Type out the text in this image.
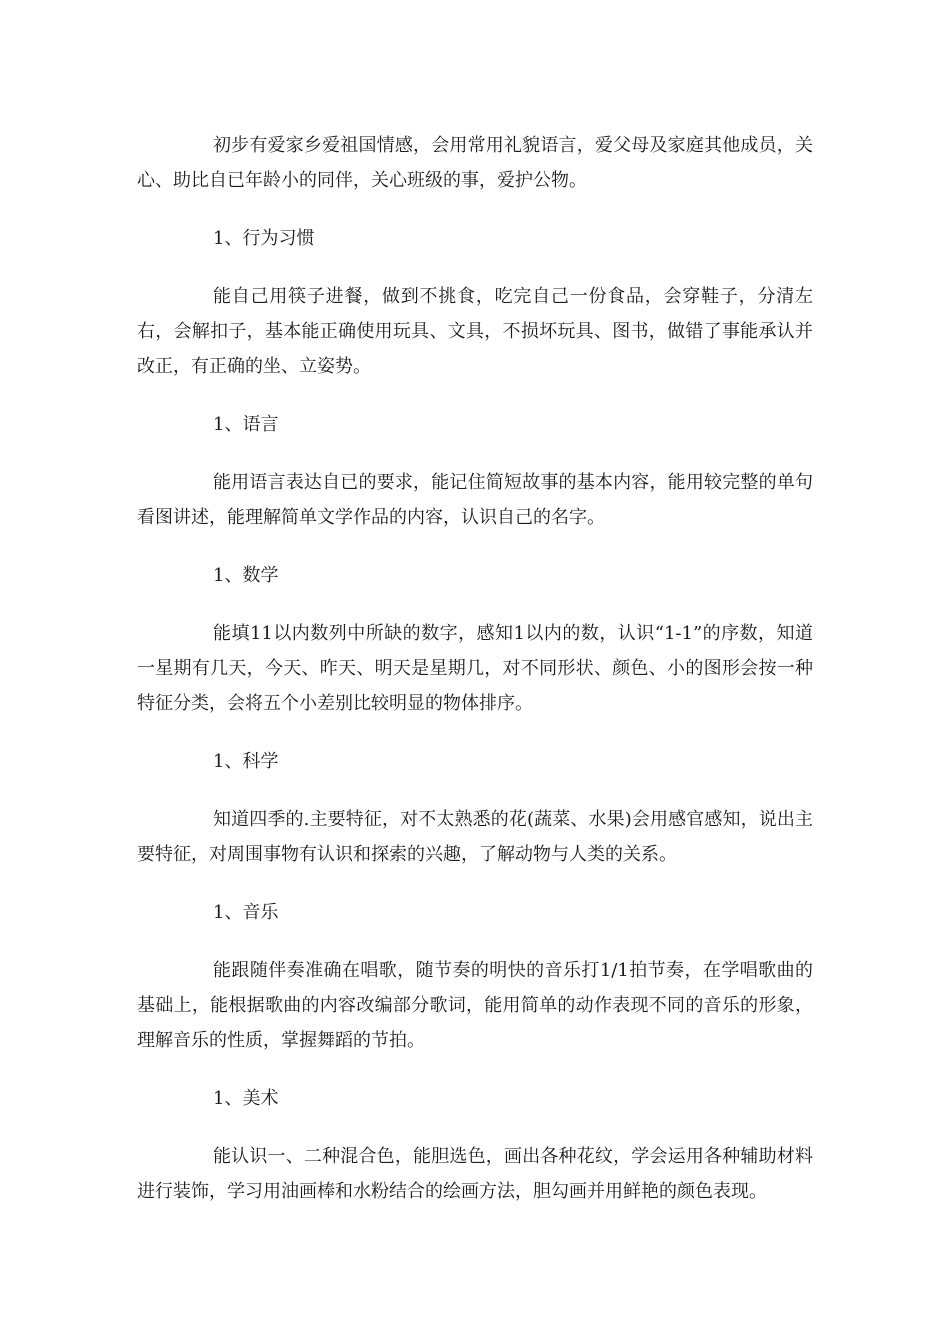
初步有爱家乡爱祖国情感，会用常用礼貌语言，爱父母及家庭其他成员，关心、助比自已年龄小的同伴，关心班级的事，爱护公物。

1、行为习惯

能自己用筷子进餐，做到不挑食，吃完自己一份食品，会穿鞋子，分清左右，会解扣子，基本能正确使用玩具、文具，不损坏玩具、图书，做错了事能承认并改正，有正确的坐、立姿势。

1、语言

能用语言表达自已的要求，能记住简短故事的基本内容，能用较完整的单句看图讲述，能理解简单文学作品的内容，认识自己的名字。

1、数学

能填11以内数列中所缺的数字，感知1以内的数，认识“1-1”的序数，知道一星期有几天，今天、昨天、明天是星期几，对不同形状、颜色、小的图形会按一种特征分类，会将五个小差别比较明显的物体排序。

1、科学

知道四季的.主要特征，对不太熟悉的花(蔬菜、水果)会用感官感知，说出主要特征，对周围事物有认识和探索的兴趣，了解动物与人类的关系。

1、音乐

能跟随伴奏准确在唱歌，随节奏的明快的音乐打1/1拍节奏，在学唱歌曲的基础上，能根据歌曲的内容改编部分歌词，能用简单的动作表现不同的音乐的形象，理解音乐的性质，掌握舞蹈的节拍。

1、美术

能认识一、二种混合色，能胆选色，画出各种花纹，学会运用各种辅助材料进行装饰，学习用油画棒和水粉结合的绘画方法，胆勾画并用鲜艳的颜色表现。
